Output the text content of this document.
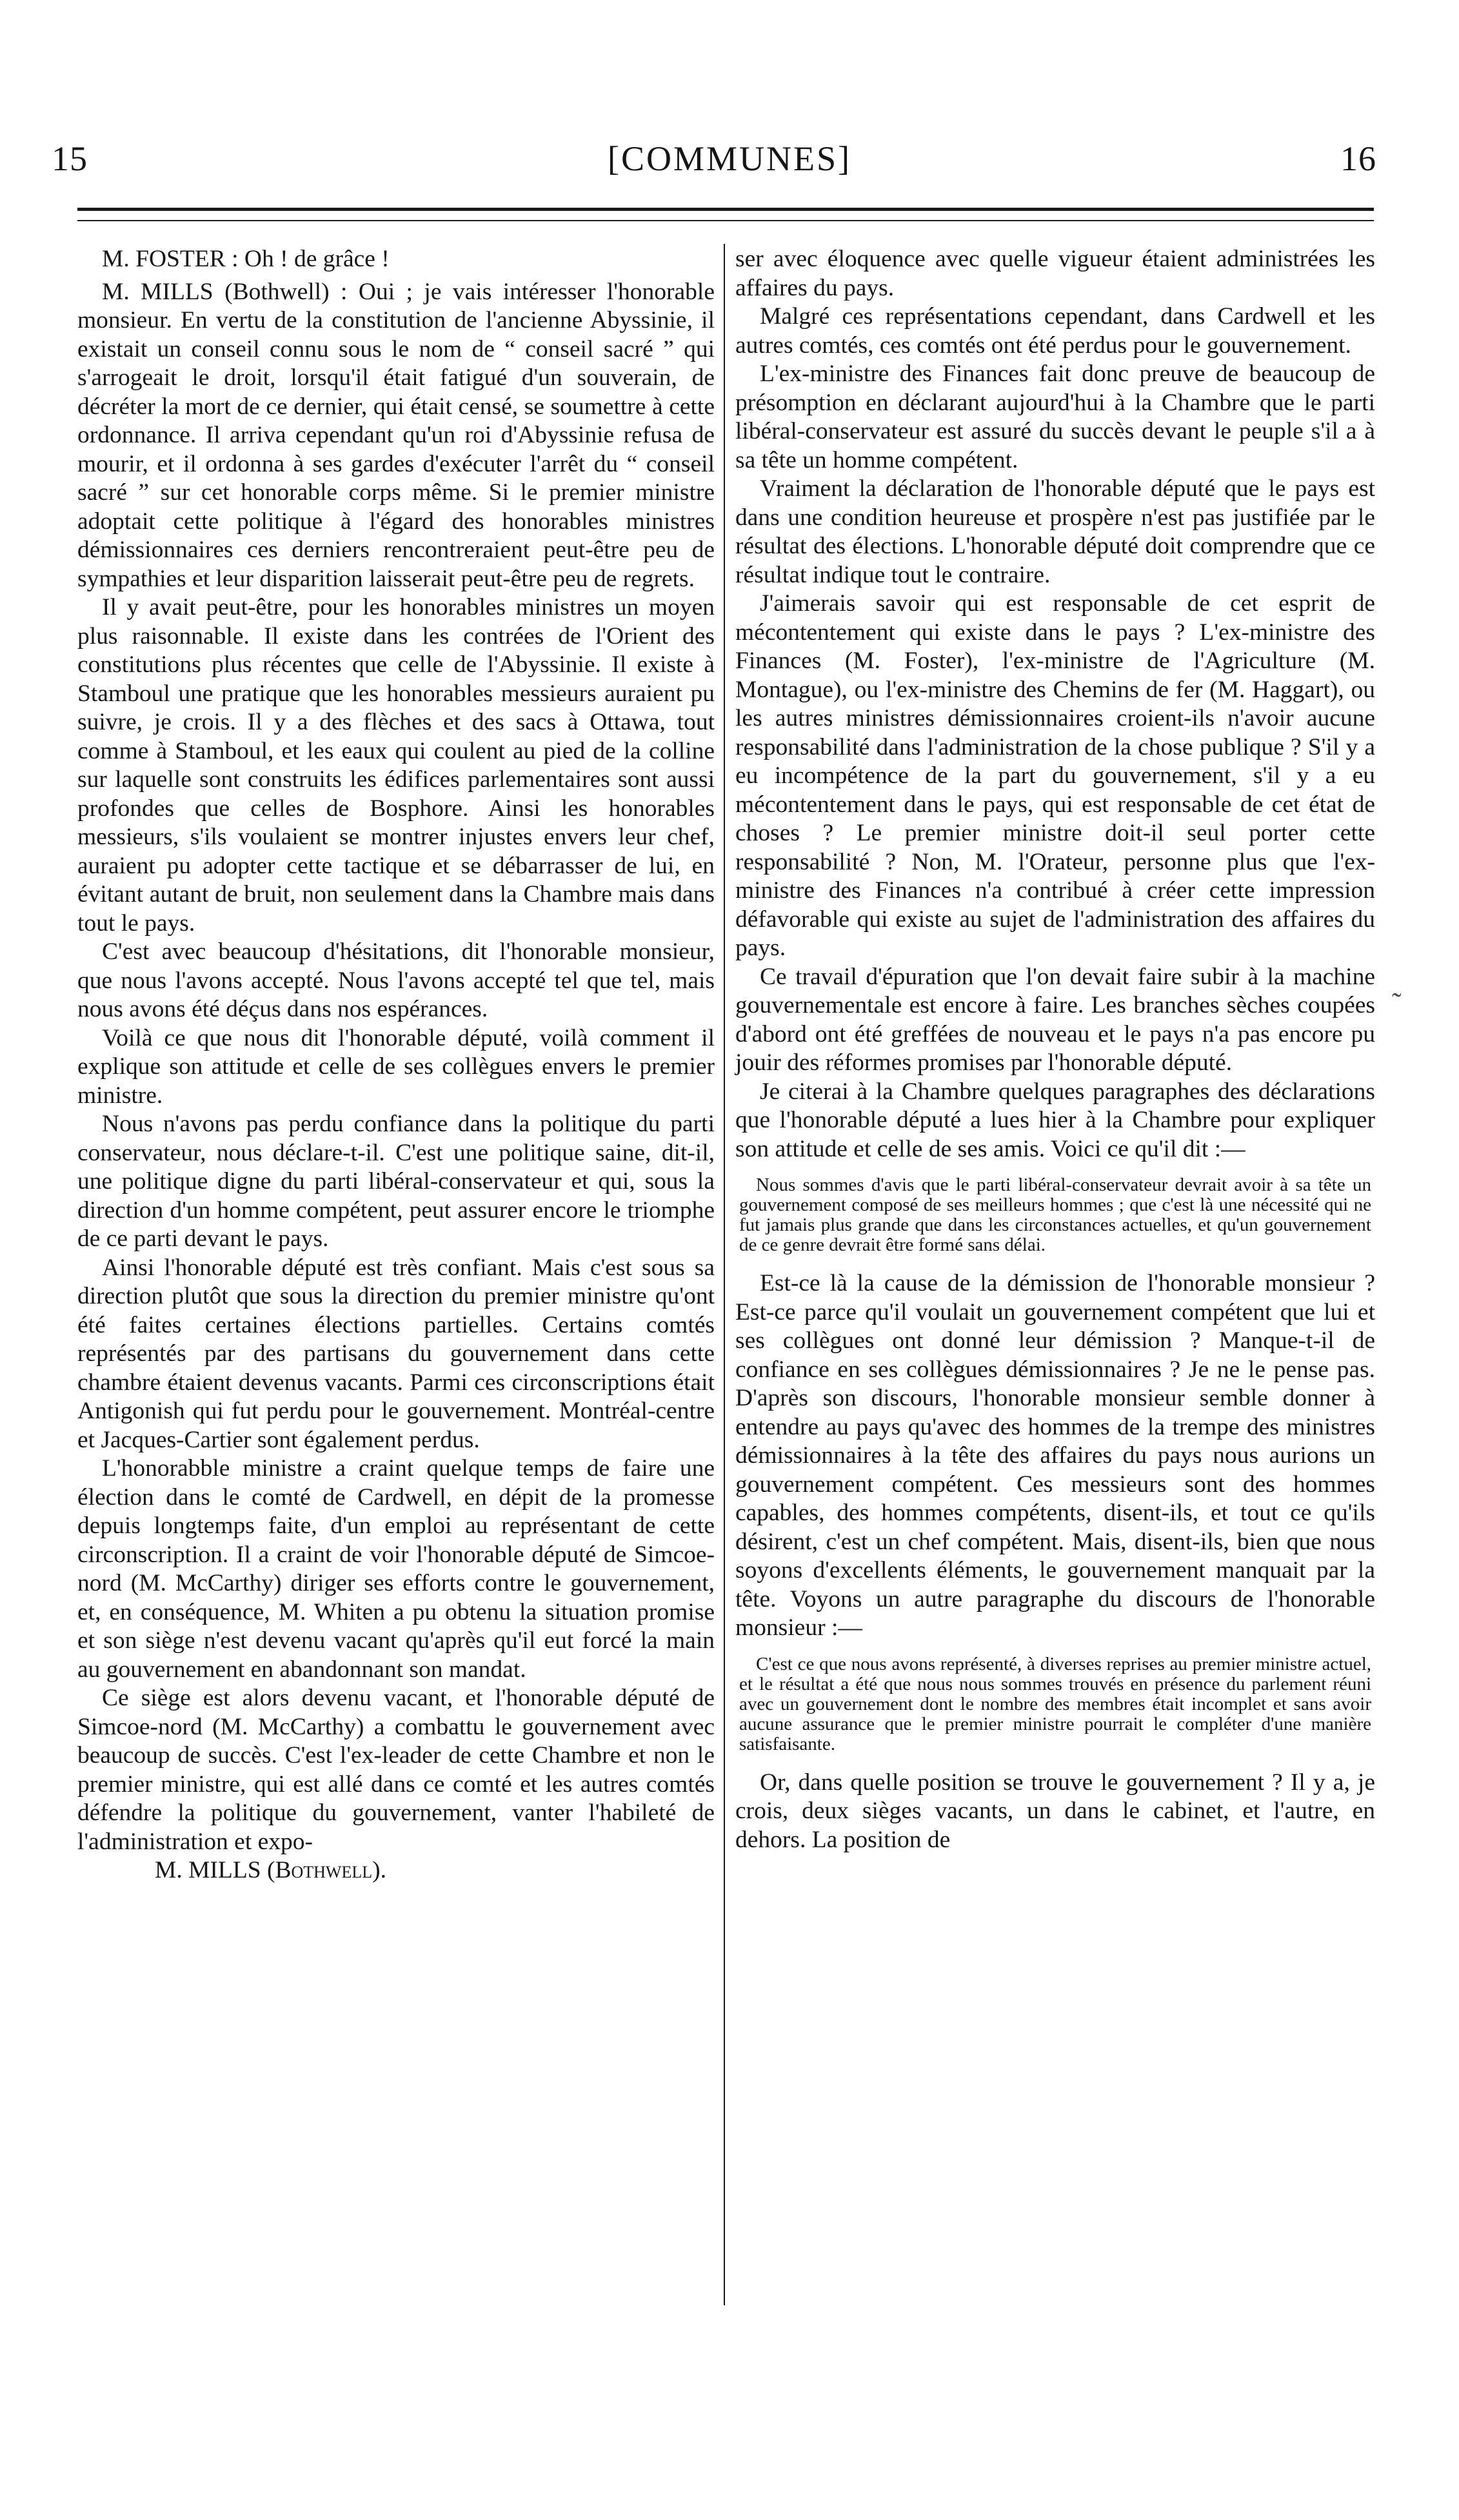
15	[COMMUNES]	16

M. FOSTER : Oh ! de grâce !

M. MILLS (Bothwell) : Oui ; je vais intéresser l'honorable monsieur. En vertu de la constitution de l'ancienne Abyssinie, il existait un conseil connu sous le nom de “ conseil sacré ” qui s'arrogeait le droit, lorsqu'il était fatigué d'un souverain, de décréter la mort de ce dernier, qui était censé, se soumettre à cette ordonnance. Il arriva cependant qu'un roi d'Abyssinie refusa de mourir, et il ordonna à ses gardes d'exécuter l'arrêt du “ conseil sacré ” sur cet honorable corps même. Si le premier ministre adoptait cette politique à l'égard des honorables ministres démissionnaires ces derniers rencontreraient peut-être peu de sympathies et leur disparition laisserait peut-être peu de regrets.

Il y avait peut-être, pour les honorables ministres un moyen plus raisonnable. Il existe dans les contrées de l'Orient des constitutions plus récentes que celle de l'Abyssinie. Il existe à Stamboul une pratique que les honorables messieurs auraient pu suivre, je crois. Il y a des flèches et des sacs à Ottawa, tout comme à Stamboul, et les eaux qui coulent au pied de la colline sur laquelle sont construits les édifices parlementaires sont aussi profondes que celles de Bosphore. Ainsi les honorables messieurs, s'ils voulaient se montrer injustes envers leur chef, auraient pu adopter cette tactique et se débarrasser de lui, en évitant autant de bruit, non seulement dans la Chambre mais dans tout le pays.

C'est avec beaucoup d'hésitations, dit l'honorable monsieur, que nous l'avons accepté. Nous l'avons accepté tel que tel, mais nous avons été déçus dans nos espérances.

Voilà ce que nous dit l'honorable député, voilà comment il explique son attitude et celle de ses collègues envers le premier ministre.

Nous n'avons pas perdu confiance dans la politique du parti conservateur, nous déclare-t-il. C'est une politique saine, dit-il, une politique digne du parti libéral-conservateur et qui, sous la direction d'un homme compétent, peut assurer encore le triomphe de ce parti devant le pays.

Ainsi l'honorable député est très confiant. Mais c'est sous sa direction plutôt que sous la direction du premier ministre qu'ont été faites certaines élections partielles. Certains comtés représentés par des partisans du gouvernement dans cette chambre étaient devenus vacants. Parmi ces circonscriptions était Antigonish qui fut perdu pour le gouvernement. Montréal-centre et Jacques-Cartier sont également perdus.

L'honorabble ministre a craint quelque temps de faire une élection dans le comté de Cardwell, en dépit de la promesse depuis longtemps faite, d'un emploi au représentant de cette circonscription. Il a craint de voir l'honorable député de Simcoe-nord (M. McCarthy) diriger ses efforts contre le gouvernement, et, en conséquence, M. Whiten a pu obtenu la situation promise et son siège n'est devenu vacant qu'après qu'il eut forcé la main au gouvernement en abandonnant son mandat.

Ce siège est alors devenu vacant, et l'honorable député de Simcoe-nord (M. McCarthy) a combattu le gouvernement avec beaucoup de succès. C'est l'ex-leader de cette Chambre et non le premier ministre, qui est allé dans ce comté et les autres comtés défendre la politique du gouvernement, vanter l'habileté de l'administration et expo-

M. MILLS (Bothwell).

ser avec éloquence avec quelle vigueur étaient administrées les affaires du pays.

Malgré ces représentations cependant, dans Cardwell et les autres comtés, ces comtés ont été perdus pour le gouvernement.

L'ex-ministre des Finances fait donc preuve de beaucoup de présomption en déclarant aujourd'hui à la Chambre que le parti libéral-conservateur est assuré du succès devant le peuple s'il a à sa tête un homme compétent.

Vraiment la déclaration de l'honorable député que le pays est dans une condition heureuse et prospère n'est pas justifiée par le résultat des élections. L'honorable député doit comprendre que ce résultat indique tout le contraire.

J'aimerais savoir qui est responsable de cet esprit de mécontentement qui existe dans le pays ? L'ex-ministre des Finances (M. Foster), l'ex-ministre de l'Agriculture (M. Montague), ou l'ex-ministre des Chemins de fer (M. Haggart), ou les autres ministres démissionnaires croient-ils n'avoir aucune responsabilité dans l'administration de la chose publique ? S'il y a eu incompétence de la part du gouvernement, s'il y a eu mécontentement dans le pays, qui est responsable de cet état de choses ? Le premier ministre doit-il seul porter cette responsabilité ? Non, M. l'Orateur, personne plus que l'ex-ministre des Finances n'a contribué à créer cette impression défavorable qui existe au sujet de l'administration des affaires du pays.

Ce travail d'épuration que l'on devait faire subir à la machine gouvernementale est encore à faire. Les branches sèches coupées d'abord ont été greffées de nouveau et le pays n'a pas encore pu jouir des réformes promises par l'honorable député.

Je citerai à la Chambre quelques paragraphes des déclarations que l'honorable député a lues hier à la Chambre pour expliquer son attitude et celle de ses amis. Voici ce qu'il dit :—

Nous sommes d'avis que le parti libéral-conservateur devrait avoir à sa tête un gouvernement composé de ses meilleurs hommes ; que c'est là une nécessité qui ne fut jamais plus grande que dans les circonstances actuelles, et qu'un gouvernement de ce genre devrait être formé sans délai.

Est-ce là la cause de la démission de l'honorable monsieur ? Est-ce parce qu'il voulait un gouvernement compétent que lui et ses collègues ont donné leur démission ? Manque-t-il de confiance en ses collègues démissionnaires ? Je ne le pense pas. D'après son discours, l'honorable monsieur semble donner à entendre au pays qu'avec des hommes de la trempe des ministres démissionnaires à la tête des affaires du pays nous aurions un gouvernement compétent. Ces messieurs sont des hommes capables, des hommes compétents, disent-ils, et tout ce qu'ils désirent, c'est un chef compétent. Mais, disent-ils, bien que nous soyons d'excellents éléments, le gouvernement manquait par la tête. Voyons un autre paragraphe du discours de l'honorable monsieur :—

C'est ce que nous avons représenté, à diverses reprises au premier ministre actuel, et le résultat a été que nous nous sommes trouvés en présence du parlement réuni avec un gouvernement dont le nombre des membres était incomplet et sans avoir aucune assurance que le premier ministre pourrait le compléter d'une manière satisfaisante.

Or, dans quelle position se trouve le gouvernement ? Il y a, je crois, deux sièges vacants, un dans le cabinet, et l'autre, en dehors. La position de

˜
